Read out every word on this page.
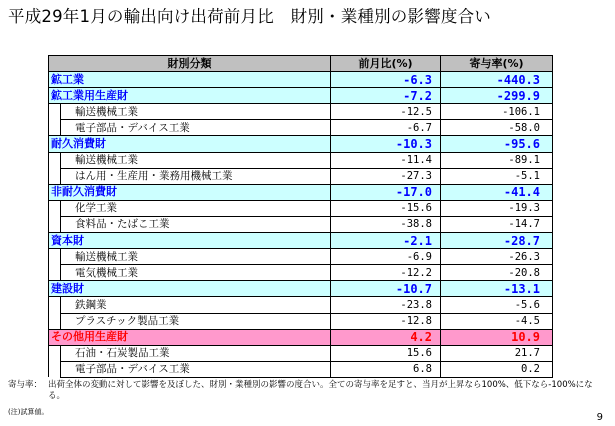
平成29年1月の輸出向け出荷前月比　財別・業種別の影響度合い
財別分類		前月比(%)	寄与率(%)
鉱工業		-6.3	-440.3
鉱工業用生産財		-7.2	-299.9
	輸送機械工業	-12.5	-106.1
	電子部品・デバイス工業	-6.7	-58.0
耐久消費財		-10.3	-95.6
	輸送機械工業	-11.4	-89.1
	はん用・生産用・業務用機械工業	-27.3	-5.1
非耐久消費財		-17.0	-41.4
	化学工業	-15.6	-19.3
	食料品・たばこ工業	-38.8	-14.7
資本財		-2.1	-28.7
	輸送機械工業	-6.9	-26.3
	電気機械工業	-12.2	-20.8
建設財		-10.7	-13.1
	鉄鋼業	-23.8	-5.6
	プラスチック製品工業	-12.8	-4.5
その他用生産財		4.2	10.9
	石油・石炭製品工業	15.6	21.7
	電子部品・デバイス工業	6.8	0.2
寄与率： 出荷全体の変動に対して影響を及ぼした、財別・業種別の影響の度合い。全ての寄与率を足すと、当月が上昇なら100%、低下なら-100%になる。
(注)試算値。	9
